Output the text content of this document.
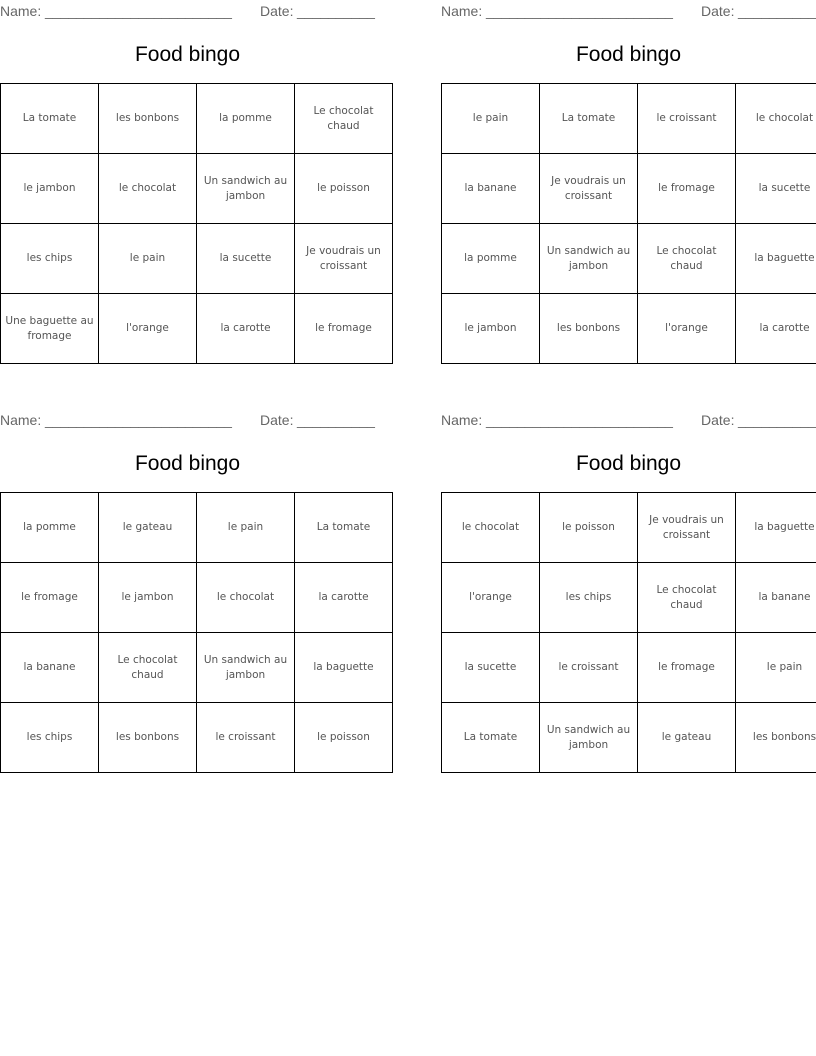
Name: ________________________ Date: __________
Food bingo
La tomate	les bonbons	la pomme	Le chocolat chaud
le jambon	le chocolat	Un sandwich au jambon	le poisson
les chips	le pain	la sucette	Je voudrais un croissant
Une baguette au fromage	l'orange	la carotte	le fromage
Name: ________________________ Date: __________
Food bingo
le pain	La tomate	le croissant	le chocolat
la banane	Je voudrais un croissant	le fromage	la sucette
la pomme	Un sandwich au jambon	Le chocolat chaud	la baguette
le jambon	les bonbons	l'orange	la carotte
Name: ________________________ Date: __________
Food bingo
la pomme	le gateau	le pain	La tomate
le fromage	le jambon	le chocolat	la carotte
la banane	Le chocolat chaud	Un sandwich au jambon	la baguette
les chips	les bonbons	le croissant	le poisson
Name: ________________________ Date: __________
Food bingo
le chocolat	le poisson	Je voudrais un croissant	la baguette
l'orange	les chips	Le chocolat chaud	la banane
la sucette	le croissant	le fromage	le pain
La tomate	Un sandwich au jambon	le gateau	les bonbons
